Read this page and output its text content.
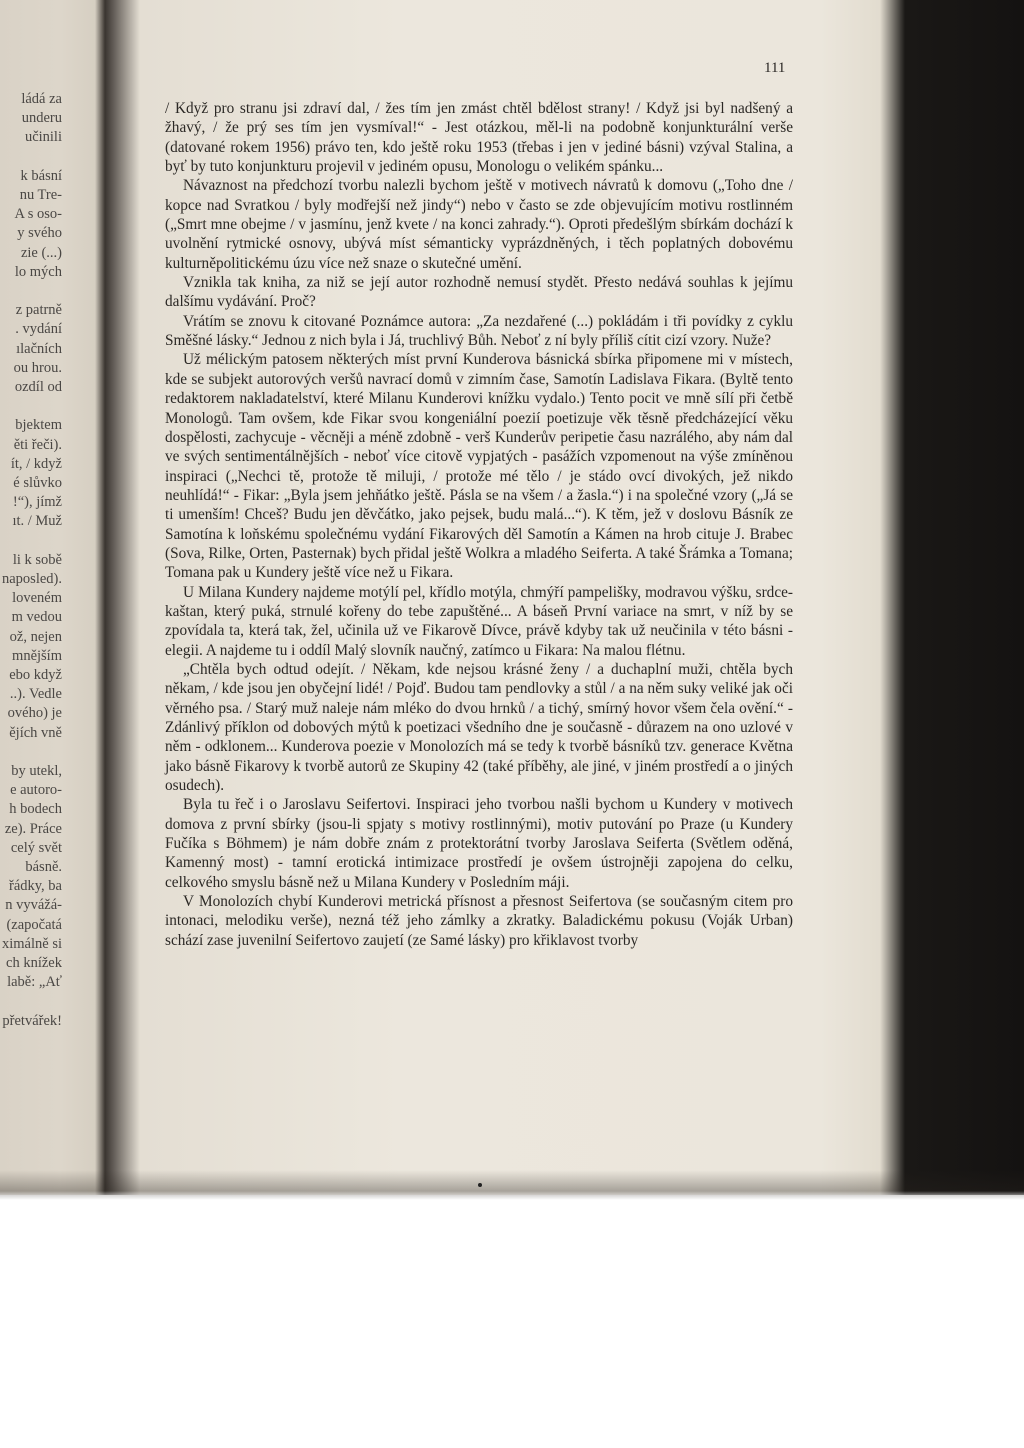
ládá za
underu
učinili
k básní
nu Tre-
A s oso-
y svého
zie (...)
lo mých
z patrně
. vydání
ılačních
ou hrou.
ozdíl od
bjektem
ěti řeči).
ít, / když
é slůvko
!“), jímž
ıt. / Muž
li k sobě
naposled).
loveném
m vedou
ož, nejen
mnějším
ebo když
..). Vedle
ového) je
ějích vně
by utekl,
e autoro-
h bodech
ze). Práce
celý svět
básně.
řádky, ba
n vyvážá-
(započatá
ximálně si
ch knížek
labě: „Ať
přetvářek!
111

/ Když pro stranu jsi zdraví dal, / žes tím jen zmást chtěl bdělost strany! / Když jsi byl nadšený a žhavý, / že prý ses tím jen vysmíval!“ - Jest otázkou, měl-li na podobně konjunkturální verše (datované rokem 1956) právo ten, kdo ještě roku 1953 (třebas i jen v jediné básni) vzýval Stalina, a byť by tuto konjunkturu projevil v jediném opusu, Monologu o velikém spánku...

Návaznost na předchozí tvorbu nalezli bychom ještě v motivech návratů k domovu („Toho dne / kopce nad Svratkou / byly modřejší než jindy“) nebo v často se zde objevujícím motivu rostlinném („Smrt mne obejme / v jasmínu, jenž kvete / na konci zahrady.“). Oproti předešlým sbírkám dochází k uvolnění rytmické osnovy, ubývá míst sémanticky vyprázdněných, i těch poplatných dobovému kulturněpolitickému úzu více než snaze o skutečné umění.

Vznikla tak kniha, za niž se její autor rozhodně nemusí stydět. Přesto nedává souhlas k jejímu dalšímu vydávání. Proč?

Vrátím se znovu k citované Poznámce autora: „Za nezdařené (...) pokládám i tři povídky z cyklu Směšné lásky.“ Jednou z nich byla i Já, truchlivý Bůh. Neboť z ní byly příliš cítit cizí vzory. Nuže?

Už mélickým patosem některých míst první Kunderova básnická sbírka připomene mi v místech, kde se subjekt autorových veršů navrací domů v zimním čase, Samotín Ladislava Fikara. (Byltě tento redaktorem nakladatelství, které Milanu Kunderovi knížku vydalo.) Tento pocit ve mně sílí při četbě Monologů. Tam ovšem, kde Fikar svou kongeniální poezií poetizuje věk těsně předcházející věku dospělosti, zachycuje - věcněji a méně zdobně - verš Kunderův peripetie času nazrálého, aby nám dal ve svých sentimentálnějších - neboť více citově vypjatých - pasážích vzpomenout na výše zmíněnou inspiraci („Nechci tě, protože tě miluji, / protože mé tělo / je stádo ovcí divokých, jež nikdo neuhlídá!“ - Fikar: „Byla jsem jehňátko ještě. Pásla se na všem / a žasla.“) i na společné vzory („Já se ti umenším! Chceš? Budu jen děvčátko, jako pejsek, budu malá...“). K těm, jež v doslovu Básník ze Samotína k loňskému společnému vydání Fikarových děl Samotín a Kámen na hrob cituje J. Brabec (Sova, Rilke, Orten, Pasternak) bych přidal ještě Wolkra a mladého Seiferta. A také Šrámka a Tomana; Tomana pak u Kundery ještě více než u Fikara.

U Milana Kundery najdeme motýlí pel, křídlo motýla, chmýří pampelišky, modravou výšku, srdce-kaštan, který puká, strnulé kořeny do tebe zapuštěné... A báseň První variace na smrt, v níž by se zpovídala ta, která tak, žel, učinila už ve Fikarově Dívce, právě kdyby tak už neučinila v této básni - elegii. A najdeme tu i oddíl Malý slovník naučný, zatímco u Fikara: Na malou flétnu.

„Chtěla bych odtud odejít. / Někam, kde nejsou krásné ženy / a duchaplní muži, chtěla bych někam, / kde jsou jen obyčejní lidé! / Pojď. Budou tam pendlovky a stůl / a na něm suky veliké jak oči věrného psa. / Starý muž naleje nám mléko do dvou hrnků / a tichý, smírný hovor všem čela ovění.“ - Zdánlivý příklon od dobových mýtů k poetizaci všedního dne je současně - důrazem na ono uzlové v něm - odklonem... Kunderova poezie v Monolozích má se tedy k tvorbě básníků tzv. generace Května jako básně Fikarovy k tvorbě autorů ze Skupiny 42 (také příběhy, ale jiné, v jiném prostředí a o jiných osudech).

Byla tu řeč i o Jaroslavu Seifertovi. Inspiraci jeho tvorbou našli bychom u Kundery v motivech domova z první sbírky (jsou-li spjaty s motivy rostlinnými), motiv putování po Praze (u Kundery Fučíka s Böhmem) je nám dobře znám z protektorátní tvorby Jaroslava Seiferta (Světlem oděná, Kamenný most) - tamní erotická intimizace prostředí je ovšem ústrojněji zapojena do celku, celkového smyslu básně než u Milana Kundery v Posledním máji.

V Monolozích chybí Kunderovi metrická přísnost a přesnost Seifertova (se současným citem pro intonaci, melodiku verše), nezná též jeho zámlky a zkratky. Baladickému pokusu (Voják Urban) schází zase juvenilní Seifertovo zaujetí (ze Samé lásky) pro křiklavost tvorby
